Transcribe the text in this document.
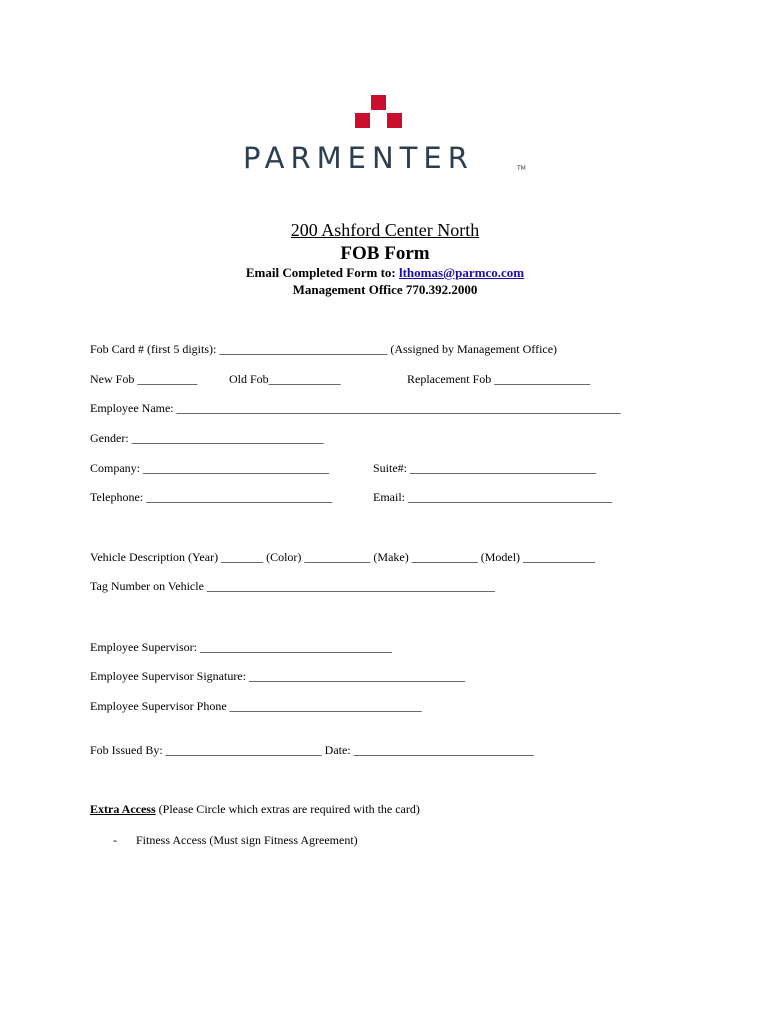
PARMENTER	TM
200 Ashford Center North
FOB Form
Email Completed Form to: lthomas@parmco.com
Management Office 770.392.2000
Fob Card # (first 5 digits): ____________________________ (Assigned by Management Office)
New Fob __________	Old Fob____________	Replacement Fob ________________
Employee Name: __________________________________________________________________________
Gender: ________________________________
Company: _______________________________	Suite#: _______________________________
Telephone: _______________________________	Email: __________________________________
Vehicle Description (Year) _______ (Color) ___________ (Make) ___________ (Model) ____________
Tag Number on Vehicle ________________________________________________
Employee Supervisor: ________________________________
Employee Supervisor Signature: ____________________________________
Employee Supervisor Phone ________________________________
Fob Issued By: __________________________ Date: ______________________________
Extra Access (Please Circle which extras are required with the card)
- Fitness Access (Must sign Fitness Agreement)
